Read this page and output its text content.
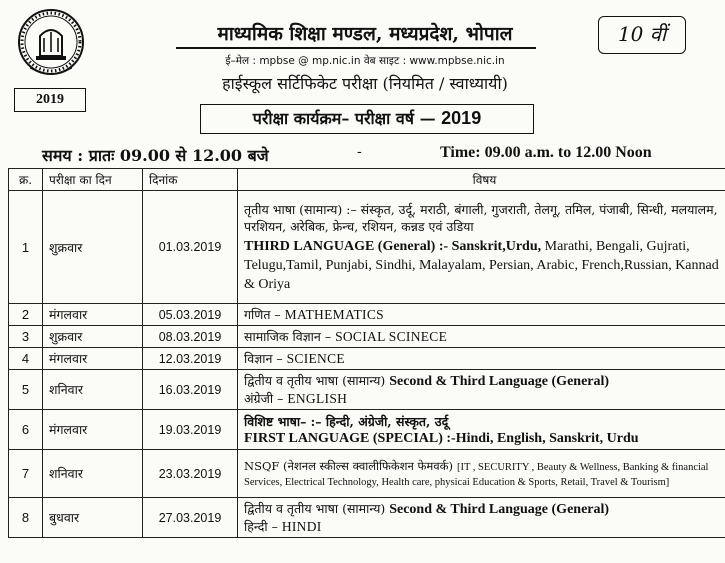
2019
माध्यमिक शिक्षा मण्डल, मध्यप्रदेश, भोपाल
ई–मेल : mpbse @ mp.nic.in वेब साइट : www.mpbse.nic.in
हाईस्कूल सर्टिफिकेट परीक्षा (नियमित / स्वाध्यायी)
10 वीं
परीक्षा कार्यक्रम– परीक्षा वर्ष — 2019
समय : प्रातः 09.00 से 12.00 बजे	-	Time: 09.00 a.m. to 12.00 Noon
क्र.	परीक्षा का दिन	दिनांक	विषय
1	शुक्रवार	01.03.2019	तृतीय भाषा (सामान्य) :– संस्कृत, उर्दू, मराठी, बंगाली, गुजराती, तेलगू, तमिल, पंजाबी, सिन्धी, मलयालम, परशियन, अरेबिक, फ्रेन्च, रशियन, कन्नड एवं उडिया
THIRD LANGUAGE (General) :- Sanskrit,Urdu, Marathi, Bengali, Gujrati, Telugu,Tamil, Punjabi, Sindhi, Malayalam, Persian, Arabic, French,Russian, Kannad & Oriya

2	मंगलवार	05.03.2019	गणित – MATHEMATICS
3	शुक्रवार	08.03.2019	सामाजिक विज्ञान – SOCIAL SCINECE
4	मंगलवार	12.03.2019	विज्ञान – SCIENCE
5	शनिवार	16.03.2019	द्वितीय व तृतीय भाषा (सामान्य) Second & Third Language (General)
अंग्रेजी – ENGLISH

6	मंगलवार	19.03.2019	विशिष्ट भाषा– :– हिन्दी, अंग्रेजी, संस्कृत, उर्दू
FIRST LANGUAGE (SPECIAL) :-Hindi, English, Sanskrit, Urdu

7	शनिवार	23.03.2019	NSQF (नेशनल स्कील्स क्वालीफिकेशन फेमवर्क) [IT , SECURITY , Beauty & Wellness, Banking & financial Services, Electrical Technology, Health care, physicai Education & Sports, Retail, Travel & Tourism]
8	बुधवार	27.03.2019	द्वितीय व तृतीय भाषा (सामान्य) Second & Third Language (General)
हिन्दी – HINDI
